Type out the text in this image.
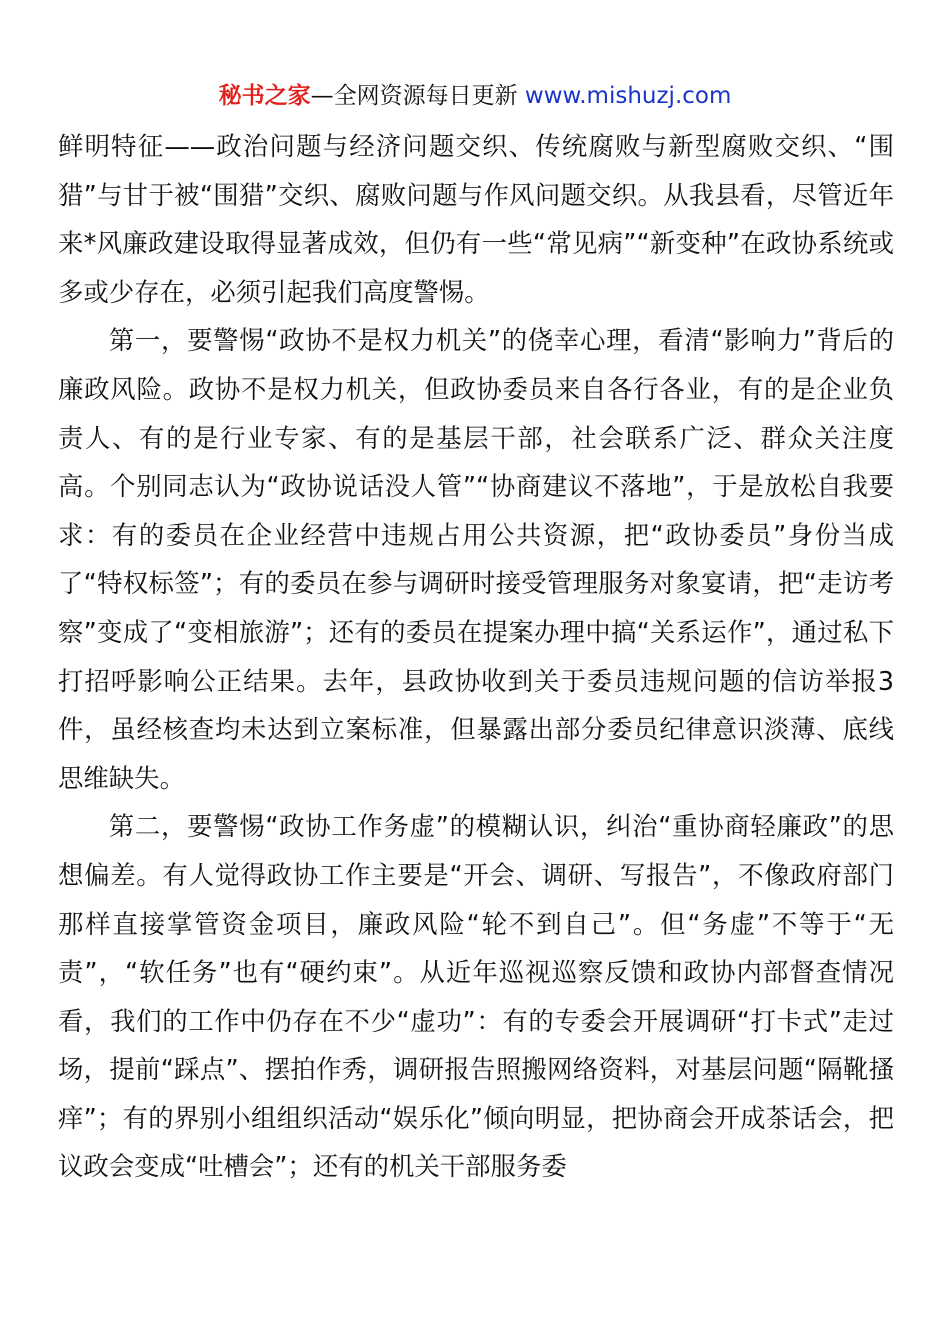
秘书之家—全网资源每日更新 www.mishuzj.com

鲜明特征——政治问题与经济问题交织、传统腐败与新型腐败交织、“围猎”与甘于被“围猎”交织、腐败问题与作风问题交织。从我县看，尽管近年来*风廉政建设取得显著成效，但仍有一些“常见病”“新变种”在政协系统或多或少存在，必须引起我们高度警惕。

第一，要警惕“政协不是权力机关”的侥幸心理，看清“影响力”背后的廉政风险。政协不是权力机关，但政协委员来自各行各业，有的是企业负责人、有的是行业专家、有的是基层干部，社会联系广泛、群众关注度高。个别同志认为“政协说话没人管”“协商建议不落地”，于是放松自我要求：有的委员在企业经营中违规占用公共资源，把“政协委员”身份当成了“特权标签”；有的委员在参与调研时接受管理服务对象宴请，把“走访考察”变成了“变相旅游”；还有的委员在提案办理中搞“关系运作”，通过私下打招呼影响公正结果。去年，县政协收到关于委员违规问题的信访举报3件，虽经核查均未达到立案标准，但暴露出部分委员纪律意识淡薄、底线思维缺失。

第二，要警惕“政协工作务虚”的模糊认识，纠治“重协商轻廉政”的思想偏差。有人觉得政协工作主要是“开会、调研、写报告”，不像政府部门那样直接掌管资金项目，廉政风险“轮不到自己”。但“务虚”不等于“无责”，“软任务”也有“硬约束”。从近年巡视巡察反馈和政协内部督查情况看，我们的工作中仍存在不少“虚功”：有的专委会开展调研“打卡式”走过场，提前“踩点”、摆拍作秀，调研报告照搬网络资料，对基层问题“隔靴搔痒”；有的界别小组组织活动“娱乐化”倾向明显，把协商会开成茶话会，把议政会变成“吐槽会”；还有的机关干部服务委
